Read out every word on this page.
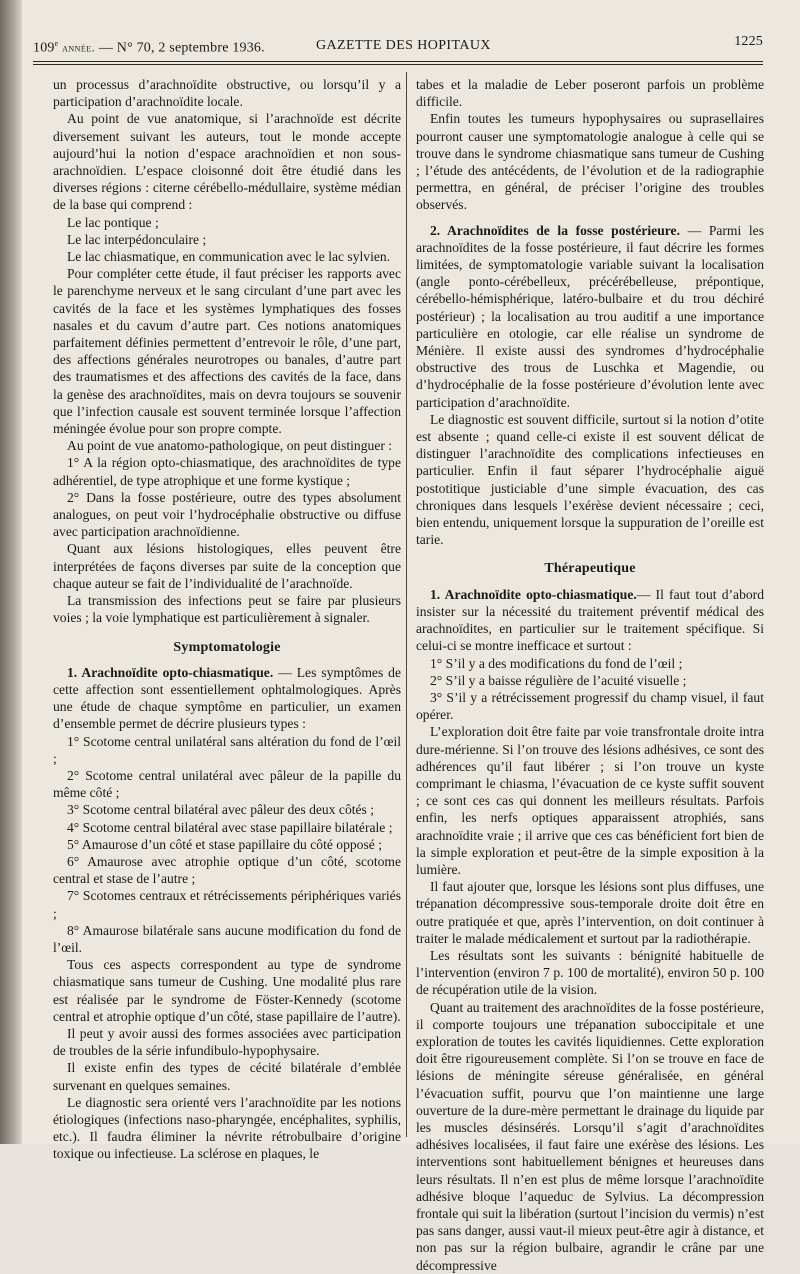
109e année. — N° 70, 2 septembre 1936.	GAZETTE DES HOPITAUX	1225

un processus d’arachnoïdite obstructive, ou lorsqu’il y a participation d’arachnoïdite locale.

Au point de vue anatomique, si l’arachnoïde est décrite diversement suivant les auteurs, tout le monde accepte aujourd’hui la notion d’espace arachnoïdien et non sous-arachnoïdien. L’espace cloisonné doit être étudié dans les diverses régions : citerne cérébello-médullaire, système médian de la base qui comprend :

Le lac pontique ;

Le lac interpédonculaire ;

Le lac chiasmatique, en communication avec le lac sylvien.

Pour compléter cette étude, il faut préciser les rapports avec le parenchyme nerveux et le sang circulant d’une part avec les cavités de la face et les systèmes lymphatiques des fosses nasales et du cavum d’autre part. Ces notions anatomiques parfaitement définies permettent d’entrevoir le rôle, d’une part, des affections générales neurotropes ou banales, d’autre part des traumatismes et des affections des cavités de la face, dans la genèse des arachnoïdites, mais on devra toujours se souvenir que l’infection causale est souvent terminée lorsque l’affection méningée évolue pour son propre compte.

Au point de vue anatomo-pathologique, on peut distinguer :

1° A la région opto-chiasmatique, des arachnoïdites de type adhérentiel, de type atrophique et une forme kystique ;

2° Dans la fosse postérieure, outre des types absolument analogues, on peut voir l’hydrocéphalie obstructive ou diffuse avec participation arachnoïdienne.

Quant aux lésions histologiques, elles peuvent être interprétées de façons diverses par suite de la conception que chaque auteur se fait de l’individualité de l’arachnoïde.

La transmission des infections peut se faire par plusieurs voies ; la voie lymphatique est particulièrement à signaler.

Symptomatologie

1. Arachnoïdite opto-chiasmatique. — Les symptômes de cette affection sont essentiellement ophtalmologiques. Après une étude de chaque symptôme en particulier, un examen d’ensemble permet de décrire plusieurs types :

1° Scotome central unilatéral sans altération du fond de l’œil ;

2° Scotome central unilatéral avec pâleur de la papille du même côté ;

3° Scotome central bilatéral avec pâleur des deux côtés ;

4° Scotome central bilatéral avec stase papillaire bilatérale ;

5° Amaurose d’un côté et stase papillaire du côté opposé ;

6° Amaurose avec atrophie optique d’un côté, scotome central et stase de l’autre ;

7° Scotomes centraux et rétrécissements périphériques variés ;

8° Amaurose bilatérale sans aucune modification du fond de l’œil.

Tous ces aspects correspondent au type de syndrome chiasmatique sans tumeur de Cushing. Une modalité plus rare est réalisée par le syndrome de Föster-Kennedy (scotome central et atrophie optique d’un côté, stase papillaire de l’autre).

Il peut y avoir aussi des formes associées avec participation de troubles de la série infundibulo-hypophysaire.

Il existe enfin des types de cécité bilatérale d’emblée survenant en quelques semaines.

Le diagnostic sera orienté vers l’arachnoïdite par les notions étiologiques (infections naso-pharyngée, encéphalites, syphilis, etc.). Il faudra éliminer la névrite rétrobulbaire d’origine toxique ou infectieuse. La sclérose en plaques, le

tabes et la maladie de Leber poseront parfois un problème difficile.

Enfin toutes les tumeurs hypophysaires ou suprasellaires pourront causer une symptomatologie analogue à celle qui se trouve dans le syndrome chiasmatique sans tumeur de Cushing ; l’étude des antécédents, de l’évolution et de la radiographie permettra, en général, de préciser l’origine des troubles observés.

2. Arachnoïdites de la fosse postérieure. — Parmi les arachnoïdites de la fosse postérieure, il faut décrire les formes limitées, de symptomatologie variable suivant la localisation (angle ponto-cérébelleux, précérébelleuse, prépontique, cérébello-hémisphérique, latéro-bulbaire et du trou déchiré postérieur) ; la localisation au trou auditif a une importance particulière en otologie, car elle réalise un syndrome de Ménière. Il existe aussi des syndromes d’hydrocéphalie obstructive des trous de Luschka et Magendie, ou d’hydrocéphalie de la fosse postérieure d’évolution lente avec participation d’arachnoïdite.

Le diagnostic est souvent difficile, surtout si la notion d’otite est absente ; quand celle-ci existe il est souvent délicat de distinguer l’arachnoïdite des complications infectieuses en particulier. Enfin il faut séparer l’hydrocéphalie aiguë postotitique justiciable d’une simple évacuation, des cas chroniques dans lesquels l’exérèse devient nécessaire ; ceci, bien entendu, uniquement lorsque la suppuration de l’oreille est tarie.

Thérapeutique

1. Arachnoïdite opto-chiasmatique.— Il faut tout d’abord insister sur la nécessité du traitement préventif médical des arachnoïdites, en particulier sur le traitement spécifique. Si celui-ci se montre inefficace et surtout :

1° S’il y a des modifications du fond de l’œil ;

2° S’il y a baisse régulière de l’acuité visuelle ;

3° S’il y a rétrécissement progressif du champ visuel, il faut opérer.

L’exploration doit être faite par voie transfrontale droite intra dure-mérienne. Si l’on trouve des lésions adhésives, ce sont des adhérences qu’il faut libérer ; si l’on trouve un kyste comprimant le chiasma, l’évacuation de ce kyste suffit souvent ; ce sont ces cas qui donnent les meilleurs résultats. Parfois enfin, les nerfs optiques apparaissent atrophiés, sans arachnoïdite vraie ; il arrive que ces cas bénéficient fort bien de la simple exploration et peut-être de la simple exposition à la lumière.

Il faut ajouter que, lorsque les lésions sont plus diffuses, une trépanation décompressive sous-temporale droite doit être en outre pratiquée et que, après l’intervention, on doit continuer à traiter le malade médicalement et surtout par la radiothérapie.

Les résultats sont les suivants : bénignité habituelle de l’intervention (environ 7 p. 100 de mortalité), environ 50 p. 100 de récupération utile de la vision.

Quant au traitement des arachnoïdites de la fosse postérieure, il comporte toujours une trépanation suboccipitale et une exploration de toutes les cavités liquidiennes. Cette exploration doit être rigoureusement complète. Si l’on se trouve en face de lésions de méningite séreuse généralisée, en général l’évacuation suffit, pourvu que l’on maintienne une large ouverture de la dure-mère permettant le drainage du liquide par les muscles désinsérés. Lorsqu’il s’agit d’arachnoïdites adhésives localisées, il faut faire une exérèse des lésions. Les interventions sont habituellement bénignes et heureuses dans leurs résultats. Il n’en est plus de même lorsque l’arachnoïdite adhésive bloque l’aqueduc de Sylvius. La décompression frontale qui suit la libération (surtout l’incision du vermis) n’est pas sans danger, aussi vaut-il mieux peut-être agir à distance, et non pas sur la région bulbaire, agrandir le crâne par une décompressive
